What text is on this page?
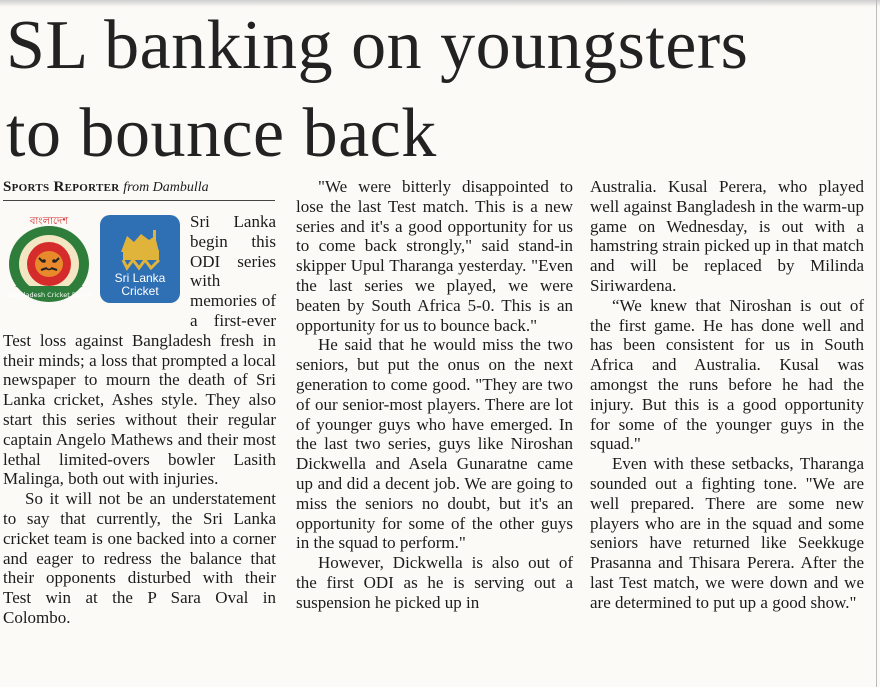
SL banking on youngsters
to bounce back
Sports Reporter from Dambulla
বাংলাদেশ
Bangladesh Cricket Board
Sri Lanka
Cricket

Sri Lanka begin this ODI series with memories of a first-ever Test loss against Bangladesh fresh in their minds; a loss that prompted a local newspaper to mourn the death of Sri Lanka cricket, Ashes style. They also start this series without their regular captain Angelo Mathews and their most lethal limited-overs bowler Lasith Malinga, both out with injuries.

So it will not be an understatement to say that currently, the Sri Lanka cricket team is one backed into a corner and eager to redress the balance that their opponents disturbed with their Test win at the P Sara Oval in Colombo.

"We were bitterly disappointed to lose the last Test match. This is a new series and it's a good opportunity for us to come back strongly," said stand-in skipper Upul Tharanga yesterday. "Even the last series we played, we were beaten by South Africa 5-0. This is an opportunity for us to bounce back."

He said that he would miss the two seniors, but put the onus on the next generation to come good. "They are two of our senior-most players. There are lot of younger guys who have emerged. In the last two series, guys like Niroshan Dickwella and Asela Gunaratne came up and did a decent job. We are going to miss the seniors no doubt, but it's an opportunity for some of the other guys in the squad to perform."

However, Dickwella is also out of the first ODI as he is serving out a suspension he picked up in

Australia. Kusal Perera, who played well against Bangladesh in the warm-up game on Wednesday, is out with a hamstring strain picked up in that match and will be replaced by Milinda Siriwardena.

“We knew that Niroshan is out of the first game. He has done well and has been consistent for us in South Africa and Australia. Kusal was amongst the runs before he had the injury. But this is a good opportunity for some of the younger guys in the squad."

Even with these setbacks, Tharanga sounded out a fighting tone. "We are well prepared. There are some new players who are in the squad and some seniors have returned like Seekkuge Prasanna and Thisara Perera. After the last Test match, we were down and we are determined to put up a good show."
